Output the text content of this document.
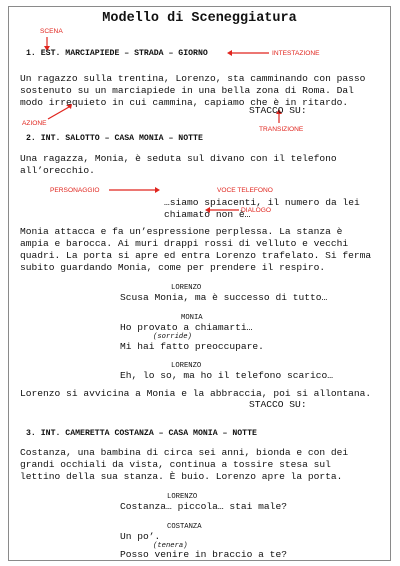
Modello di Sceneggiatura
SCENA
INTESTAZIONE
AZIONE
TRANSIZIONE
PERSONAGGIO	VOCE TELEFONO
DIALOGO
1. EST. MARCIAPIEDE – STRADA – GIORNO
Un ragazzo sulla trentina, Lorenzo, sta camminando con passo
sostenuto su un marciapiede in una bella zona di Roma. Dal
modo irrequieto in cui cammina, capiamo che è in ritardo.
STACCO SU:
2. INT. SALOTTO – CASA MONIA – NOTTE
Una ragazza, Monia, è seduta sul divano con il telefono
all’orecchio.
…siamo spiacenti, il numero da lei
chiamato non è…
Monia attacca e fa un’espressione perplessa. La stanza è
ampia e barocca. Ai muri drappi rossi di velluto e vecchi
quadri. La porta si apre ed entra Lorenzo trafelato. Si ferma
subito guardando Monia, come per prendere il respiro.
LORENZO
Scusa Monia, ma è successo di tutto…
MONIA
Ho provato a chiamarti…
(sorride)
Mi hai fatto preoccupare.
LORENZO
Eh, lo so, ma ho il telefono scarico…
Lorenzo si avvicina a Monia e la abbraccia, poi si allontana.
STACCO SU:
3. INT. CAMERETTA COSTANZA – CASA MONIA – NOTTE
Costanza, una bambina di circa sei anni, bionda e con dei
grandi occhiali da vista, continua a tossire stesa sul
lettino della sua stanza. È buio. Lorenzo apre la porta.
LORENZO
Costanza… piccola… stai male?
COSTANZA
Un po’.
(tenera)
Posso venire in braccio a te?
